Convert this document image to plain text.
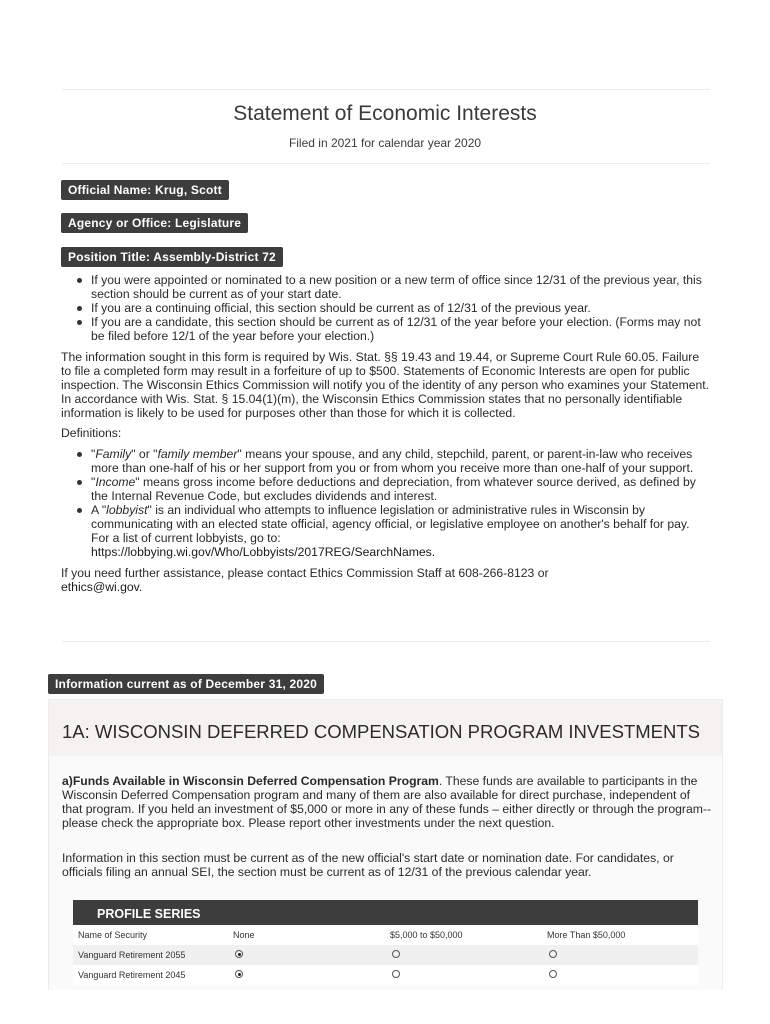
Statement of Economic Interests
Filed in 2021 for calendar year 2020
Official Name: Krug, Scott
Agency or Office: Legislature
Position Title: Assembly-District 72
If you were appointed or nominated to a new position or a new term of office since 12/31 of the previous year, this section should be current as of your start date.
If you are a continuing official, this section should be current as of 12/31 of the previous year.
If you are a candidate, this section should be current as of 12/31 of the year before your election. (Forms may not be filed before 12/1 of the year before your election.)

The information sought in this form is required by Wis. Stat. §§ 19.43 and 19.44, or Supreme Court Rule 60.05. Failure to file a completed form may result in a forfeiture of up to $500. Statements of Economic Interests are open for public inspection. The Wisconsin Ethics Commission will notify you of the identity of any person who examines your Statement. In accordance with Wis. Stat. § 15.04(1)(m), the Wisconsin Ethics Commission states that no personally identifiable information is likely to be used for purposes other than those for which it is collected.

Definitions:

"Family" or "family member" means your spouse, and any child, stepchild, parent, or parent-in-law who receives more than one-half of his or her support from you or from whom you receive more than one-half of your support.
"Income" means gross income before deductions and depreciation, from whatever source derived, as defined by the Internal Revenue Code, but excludes dividends and interest.
A "lobbyist" is an individual who attempts to influence legislation or administrative rules in Wisconsin by communicating with an elected state official, agency official, or legislative employee on another's behalf for pay. For a list of current lobbyists, go to:
https://lobbying.wi.gov/Who/Lobbyists/2017REG/SearchNames.

If you need further assistance, please contact Ethics Commission Staff at 608-266-8123 or
ethics@wi.gov.

Information current as of December 31, 2020
1A: WISCONSIN DEFERRED COMPENSATION PROGRAM INVESTMENTS
a)Funds Available in Wisconsin Deferred Compensation Program. These funds are available to participants in the Wisconsin Deferred Compensation program and many of them are also available for direct purchase, independent of that program. If you held an investment of $5,000 or more in any of these funds – either directly or through the program-- please check the appropriate box. Please report other investments under the next question.
Information in this section must be current as of the new official's start date or nomination date. For candidates, or officials filing an annual SEI, the section must be current as of 12/31 of the previous calendar year.
PROFILE SERIES
Name of Security	None	$5,000 to $50,000	More Than $50,000
Vanguard Retirement 2055
Vanguard Retirement 2045
